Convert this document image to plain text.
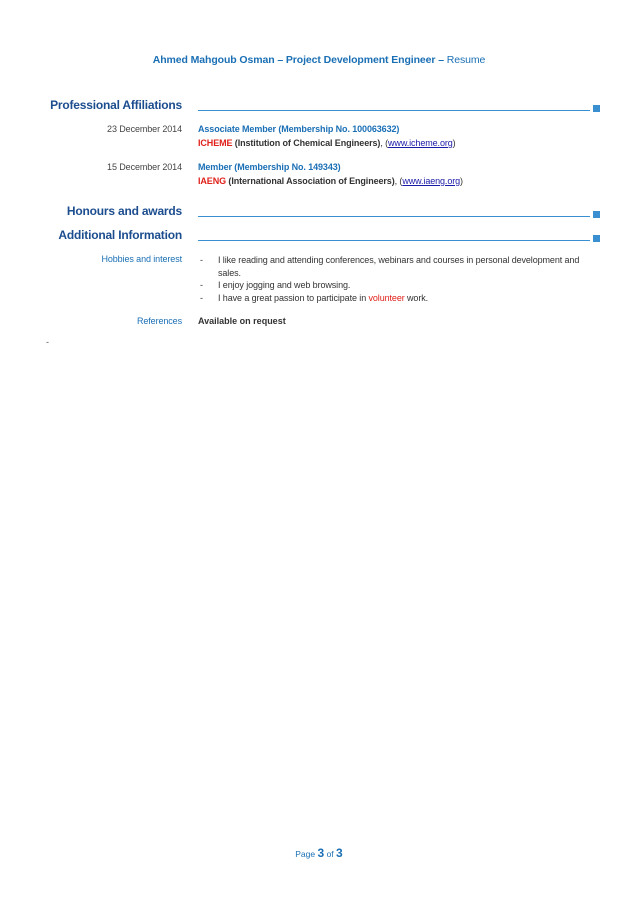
Ahmed Mahgoub Osman – Project Development Engineer – Resume
Professional Affiliations
23 December 2014 Associate Member (Membership No. 100063632)
ICHEME (Institution of Chemical Engineers), (www.icheme.org)
15 December 2014 Member (Membership No. 149343)
IAENG (International Association of Engineers), (www.iaeng.org)
Honours and awards
Additional Information
Hobbies and interest - I like reading and attending conferences, webinars and courses in personal development and
sales.
- I enjoy jogging and web browsing.
- I have a great passion to participate in volunteer work.
References Available on request
-
Page 3 of 3
